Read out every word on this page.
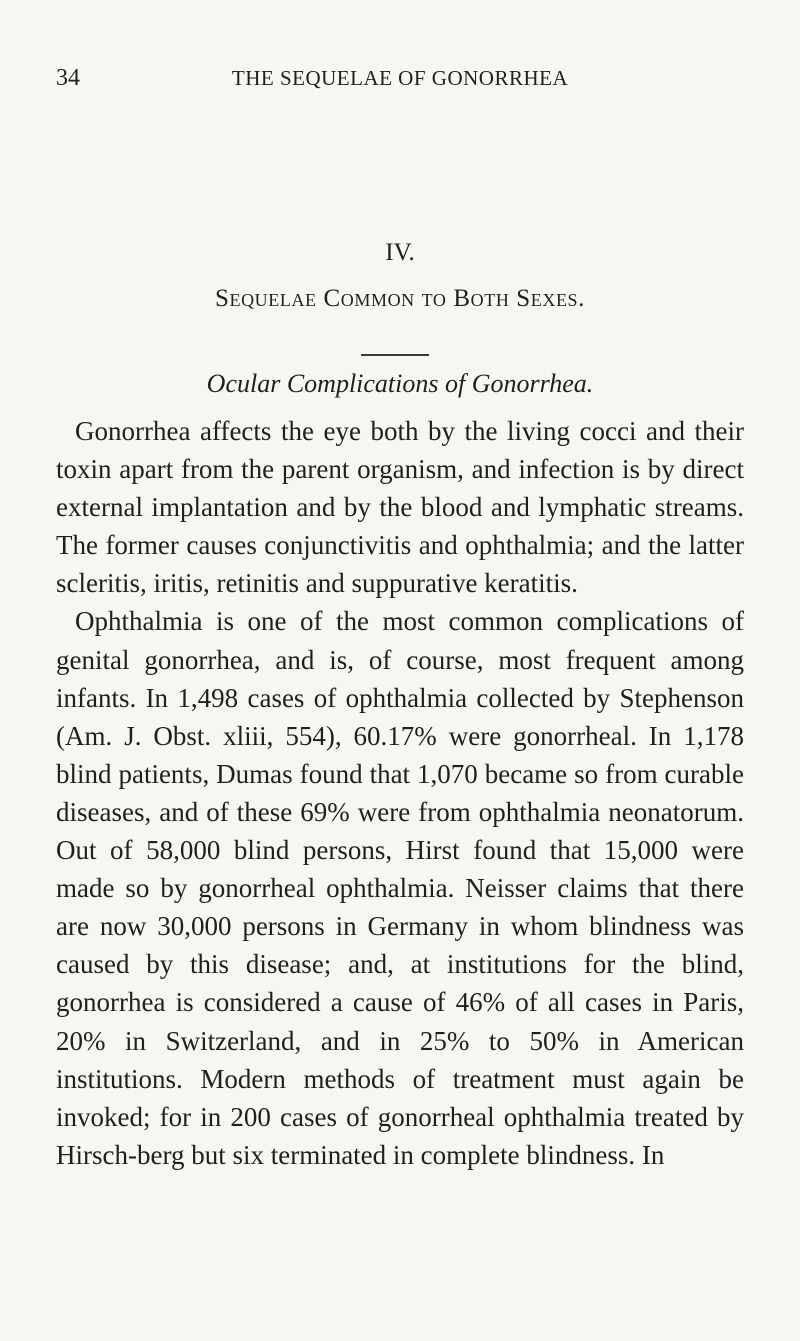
34	THE SEQUELAE OF GONORRHEA
IV.
Sequelae Common to Both Sexes.
Ocular Complications of Gonorrhea.

Gonorrhea affects the eye both by the living cocci and their toxin apart from the parent organism, and infection is by direct external implantation and by the blood and lymphatic streams. The former causes conjunctivitis and ophthalmia; and the latter scleritis, iritis, retinitis and suppurative keratitis.

Ophthalmia is one of the most common complications of genital gonorrhea, and is, of course, most frequent among infants. In 1,498 cases of ophthalmia collected by Stephenson (Am. J. Obst. xliii, 554), 60.17% were gonorrheal. In 1,178 blind patients, Dumas found that 1,070 became so from curable diseases, and of these 69% were from ophthalmia neonatorum. Out of 58,000 blind persons, Hirst found that 15,000 were made so by gonorrheal ophthalmia. Neisser claims that there are now 30,000 persons in Germany in whom blindness was caused by this disease; and, at institutions for the blind, gonorrhea is considered a cause of 46% of all cases in Paris, 20% in Switzerland, and in 25% to 50% in American institutions. Modern methods of treatment must again be invoked; for in 200 cases of gonorrheal ophthalmia treated by Hirsch-berg but six terminated in complete blindness. In
